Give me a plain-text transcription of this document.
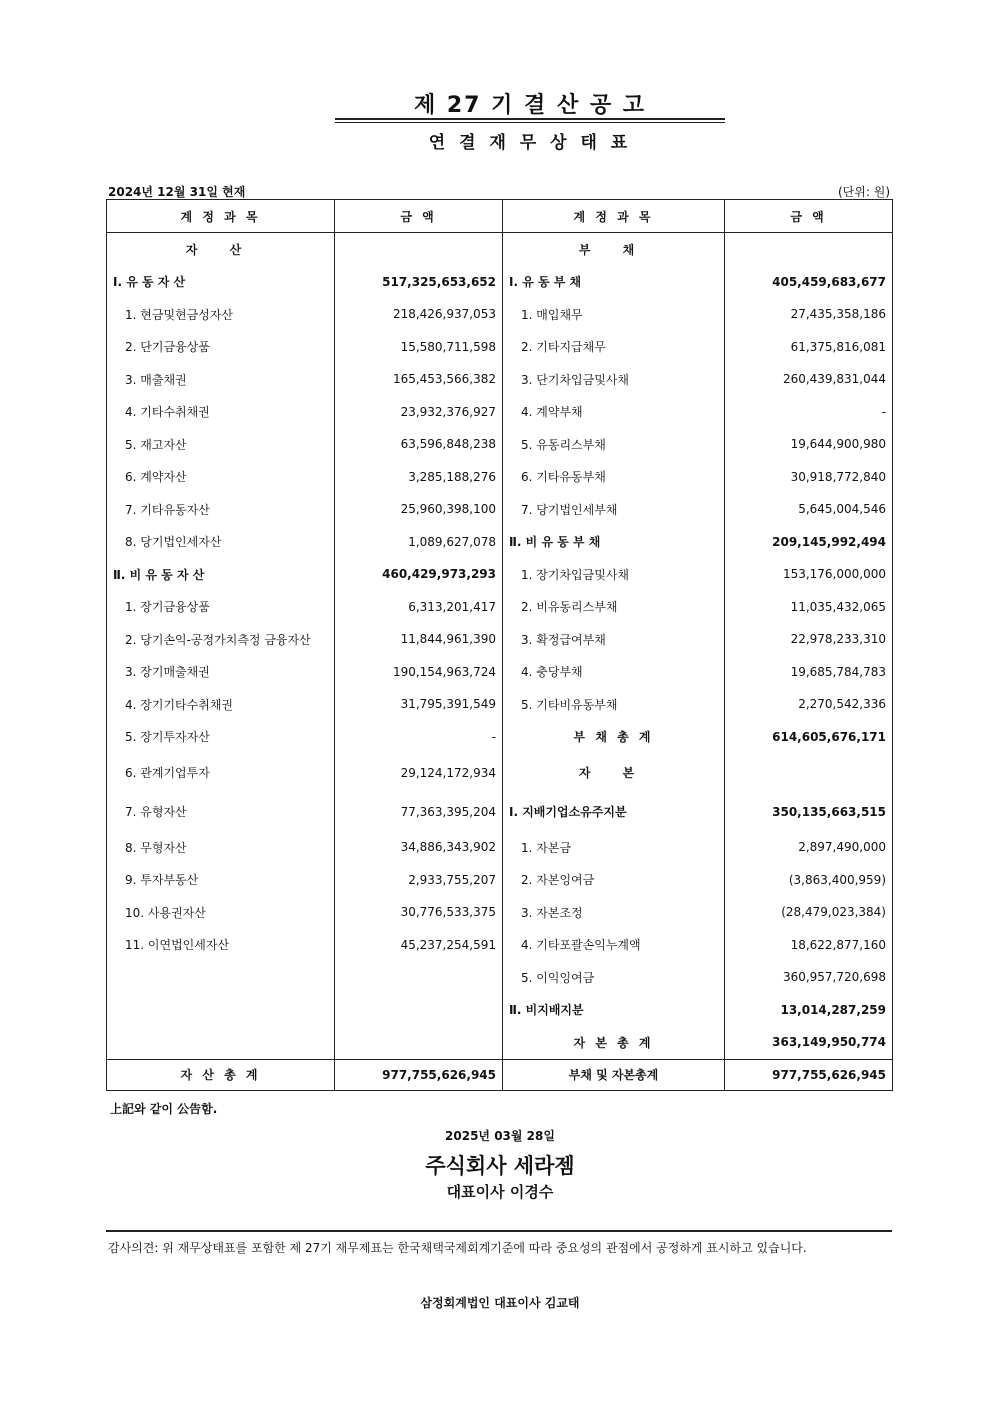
제 27 기 결 산 공 고
연 결 재 무 상 태 표
2024년 12월 31일 현재	(단위: 원)
계 정 과 목	금 액	계 정 과 목	금 액
자 산		부 채	
Ⅰ. 유 동 자 산	517,325,653,652	Ⅰ. 유 동 부 채	405,459,683,677
1. 현금및현금성자산	218,426,937,053	1. 매입채무	27,435,358,186
2. 단기금융상품	15,580,711,598	2. 기타지급채무	61,375,816,081
3. 매출채권	165,453,566,382	3. 단기차입금및사채	260,439,831,044
4. 기타수취채권	23,932,376,927	4. 계약부채	-
5. 재고자산	63,596,848,238	5. 유동리스부채	19,644,900,980
6. 계약자산	3,285,188,276	6. 기타유동부채	30,918,772,840
7. 기타유동자산	25,960,398,100	7. 당기법인세부채	5,645,004,546
8. 당기법인세자산	1,089,627,078	Ⅱ. 비 유 동 부 채	209,145,992,494
Ⅱ. 비 유 동 자 산	460,429,973,293	1. 장기차입금및사채	153,176,000,000
1. 장기금융상품	6,313,201,417	2. 비유동리스부채	11,035,432,065
2. 당기손익-공정가치측정 금융자산	11,844,961,390	3. 확정급여부채	22,978,233,310
3. 장기매출채권	190,154,963,724	4. 충당부채	19,685,784,783
4. 장기기타수취채권	31,795,391,549	5. 기타비유동부채	2,270,542,336
5. 장기투자자산	-	부 채 총 계	614,605,676,171
6. 관계기업투자	29,124,172,934	자 본	
7. 유형자산	77,363,395,204	Ⅰ. 지배기업소유주지분	350,135,663,515
8. 무형자산	34,886,343,902	1. 자본금	2,897,490,000
9. 투자부동산	2,933,755,207	2. 자본잉여금	(3,863,400,959)
10. 사용권자산	30,776,533,375	3. 자본조정	(28,479,023,384)
11. 이연법인세자산	45,237,254,591	4. 기타포괄손익누계액	18,622,877,160
		5. 이익잉여금	360,957,720,698
		Ⅱ. 비지배지분	13,014,287,259
		자 본 총 계	363,149,950,774
자 산 총 계	977,755,626,945	부채 및 자본총계	977,755,626,945
上記와 같이 公告함.
2025년 03월 28일
주식회사 세라젬
대표이사 이경수
감사의견: 위 재무상태표를 포함한 제 27기 재무제표는 한국채택국제회계기준에 따라 중요성의 관점에서 공정하게 표시하고 있습니다.
삼정회계법인 대표이사 김교태
